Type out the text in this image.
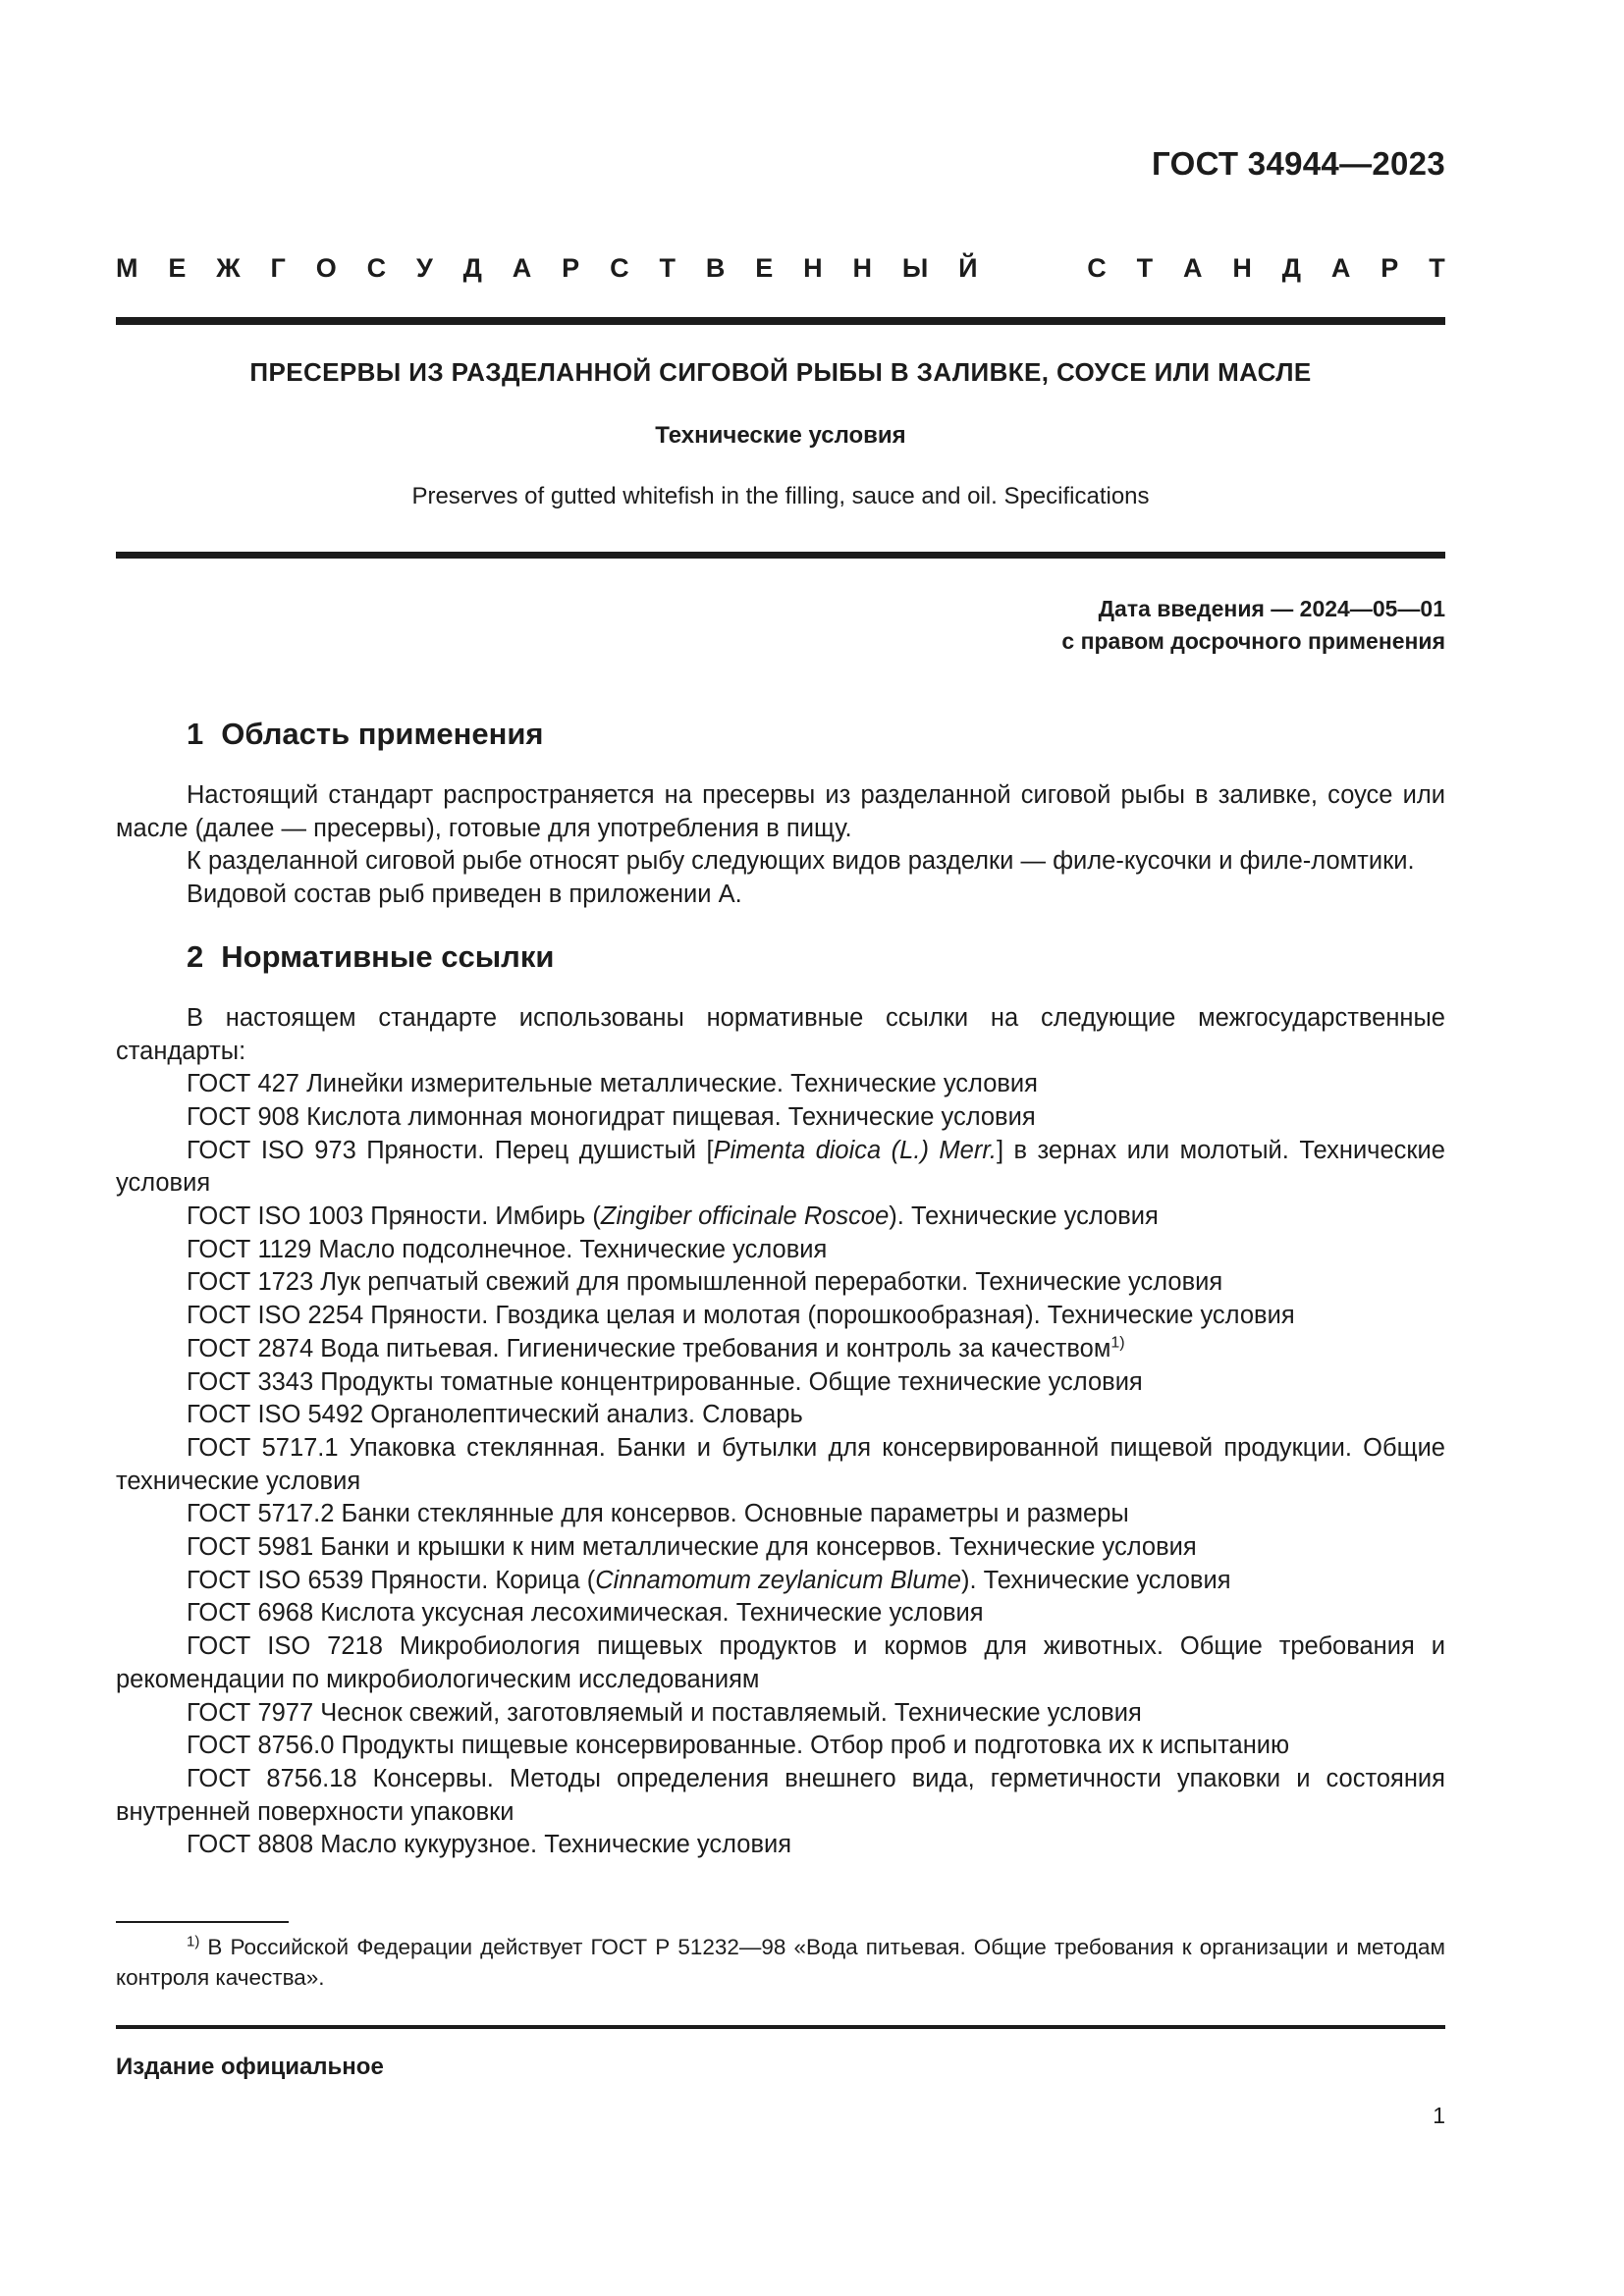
ГОСТ 34944—2023
М Е Ж Г О С У Д А Р С Т В Е Н Н Ы Й	С Т А Н Д А Р Т
ПРЕСЕРВЫ ИЗ РАЗДЕЛАННОЙ СИГОВОЙ РЫБЫ В ЗАЛИВКЕ, СОУСЕ ИЛИ МАСЛЕ
Технические условия
Preserves of gutted whitefish in the filling, sauce and oil. Specifications
Дата введения — 2024—05—01
с правом досрочного применения
1 Область применения

Настоящий стандарт распространяется на пресервы из разделанной сиговой рыбы в заливке, соусе или масле (далее — пресервы), готовые для употребления в пищу.

К разделанной сиговой рыбе относят рыбу следующих видов разделки — филе-кусочки и филе-ломтики.

Видовой состав рыб приведен в приложении А.

2 Нормативные ссылки

В настоящем стандарте использованы нормативные ссылки на следующие межгосударственные стандарты:

ГОСТ 427 Линейки измерительные металлические. Технические условия

ГОСТ 908 Кислота лимонная моногидрат пищевая. Технические условия

ГОСТ ISO 973 Пряности. Перец душистый [Pimenta dioica (L.) Merr.] в зернах или молотый. Технические условия

ГОСТ ISO 1003 Пряности. Имбирь (Zingiber officinale Roscoe). Технические условия

ГОСТ 1129 Масло подсолнечное. Технические условия

ГОСТ 1723 Лук репчатый свежий для промышленной переработки. Технические условия

ГОСТ ISO 2254 Пряности. Гвоздика целая и молотая (порошкообразная). Технические условия

ГОСТ 2874 Вода питьевая. Гигиенические требования и контроль за качеством$^{1)}$

ГОСТ 3343 Продукты томатные концентрированные. Общие технические условия

ГОСТ ISO 5492 Органолептический анализ. Словарь

ГОСТ 5717.1 Упаковка стеклянная. Банки и бутылки для консервированной пищевой продукции. Общие технические условия

ГОСТ 5717.2 Банки стеклянные для консервов. Основные параметры и размеры

ГОСТ 5981 Банки и крышки к ним металлические для консервов. Технические условия

ГОСТ ISO 6539 Пряности. Корица (Cinnamomum zeylanicum Blume). Технические условия

ГОСТ 6968 Кислота уксусная лесохимическая. Технические условия

ГОСТ ISO 7218 Микробиология пищевых продуктов и кормов для животных. Общие требования и рекомендации по микробиологическим исследованиям

ГОСТ 7977 Чеснок свежий, заготовляемый и поставляемый. Технические условия

ГОСТ 8756.0 Продукты пищевые консервированные. Отбор проб и подготовка их к испытанию

ГОСТ 8756.18 Консервы. Методы определения внешнего вида, герметичности упаковки и состояния внутренней поверхности упаковки

ГОСТ 8808 Масло кукурузное. Технические условия

$^{1)}$ В Российской Федерации действует ГОСТ Р 51232—98 «Вода питьевая. Общие требования к организации и методам контроля качества».
Издание официальное
1
